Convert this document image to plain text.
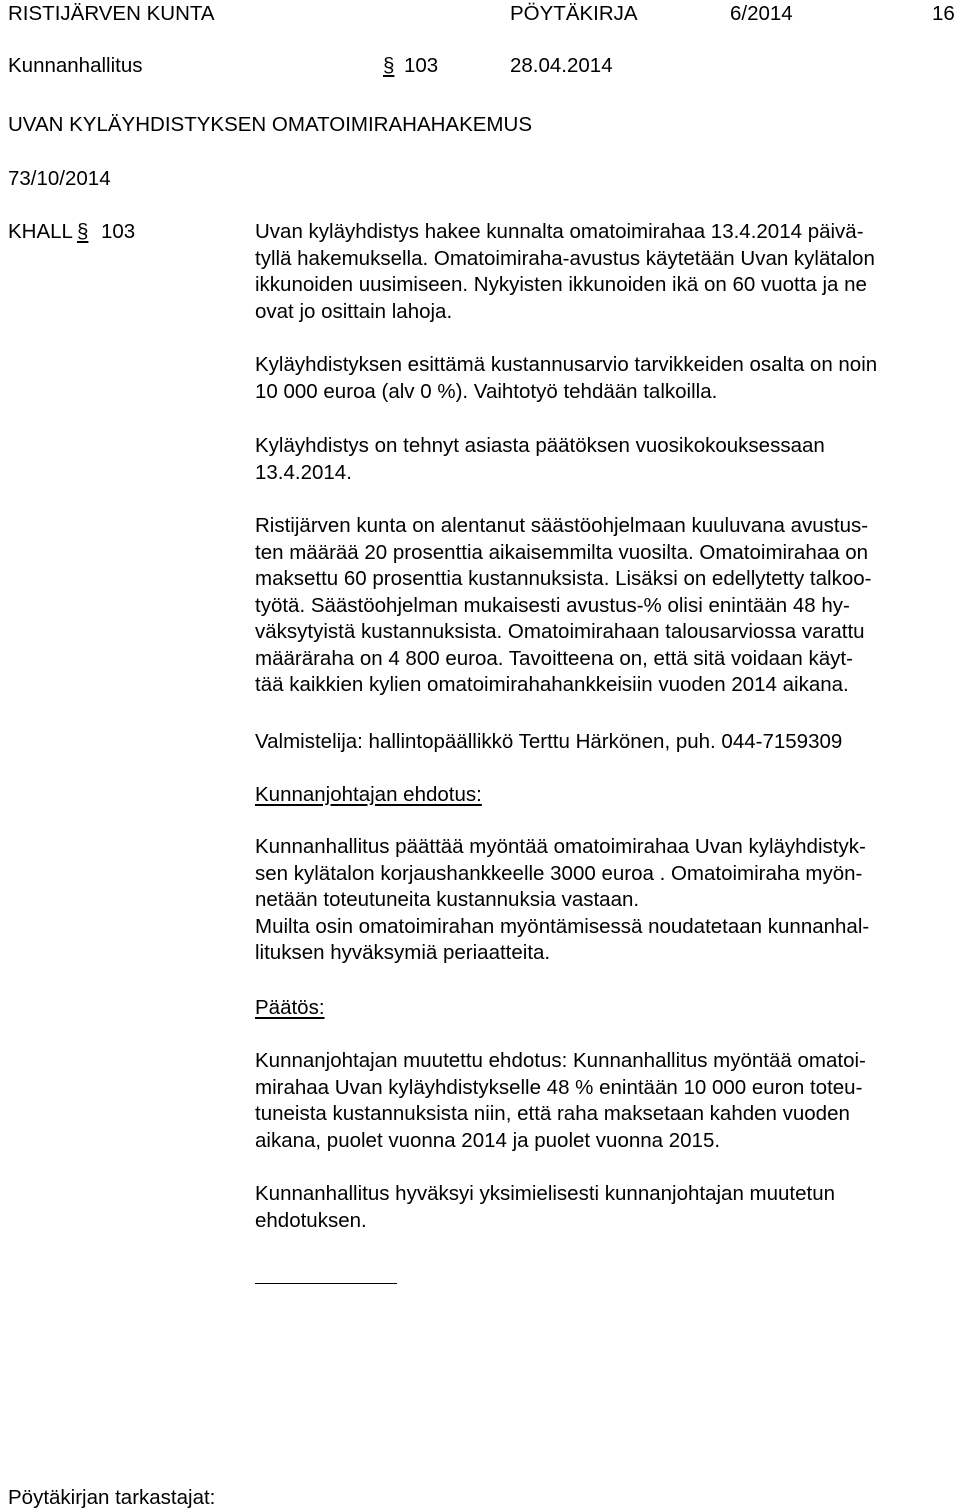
RISTIJÄRVEN KUNTA	PÖYTÄKIRJA	6/2014	16
Kunnanhallitus	§ 103	28.04.2014
UVAN KYLÄYHDISTYKSEN OMATOIMIRAHAHAKEMUS
73/10/2014
KHALL § 103	Uvan kyläyhdistys hakee kunnalta omatoimirahaa 13.4.2014 päivä-
tyllä hakemuksella. Omatoimiraha-avustus käytetään Uvan kylätalon
ikkunoiden uusimiseen. Nykyisten ikkunoiden ikä on 60 vuotta ja ne
ovat jo osittain lahoja.
Kyläyhdistyksen esittämä kustannusarvio tarvikkeiden osalta on noin
10 000 euroa (alv 0 %). Vaihtotyö tehdään talkoilla.
Kyläyhdistys on tehnyt asiasta päätöksen vuosikokouksessaan
13.4.2014.
Ristijärven kunta on alentanut säästöohjelmaan kuuluvana avustus-
ten määrää 20 prosenttia aikaisemmilta vuosilta. Omatoimirahaa on
maksettu 60 prosenttia kustannuksista. Lisäksi on edellytetty talkoo-
työtä. Säästöohjelman mukaisesti avustus-% olisi enintään 48 hy-
väksytyistä kustannuksista. Omatoimirahaan talousarviossa varattu
määräraha on 4 800 euroa. Tavoitteena on, että sitä voidaan käyt-
tää kaikkien kylien omatoimirahahankkeisiin vuoden 2014 aikana.
Valmistelija: hallintopäällikkö Terttu Härkönen, puh. 044-7159309
Kunnanjohtajan ehdotus:
Kunnanhallitus päättää myöntää omatoimirahaa Uvan kyläyhdistyk-
sen kylätalon korjaushankkeelle 3000 euroa . Omatoimiraha myön-
netään toteutuneita kustannuksia vastaan.
Muilta osin omatoimirahan myöntämisessä noudatetaan kunnanhal-
lituksen hyväksymiä periaatteita.
Päätös:
Kunnanjohtajan muutettu ehdotus: Kunnanhallitus myöntää omatoi-
mirahaa Uvan kyläyhdistykselle 48 % enintään 10 000 euron toteu-
tuneista kustannuksista niin, että raha maksetaan kahden vuoden
aikana, puolet vuonna 2014 ja puolet vuonna 2015.
Kunnanhallitus hyväksyi yksimielisesti kunnanjohtajan muutetun
ehdotuksen.
Pöytäkirjan tarkastajat:
